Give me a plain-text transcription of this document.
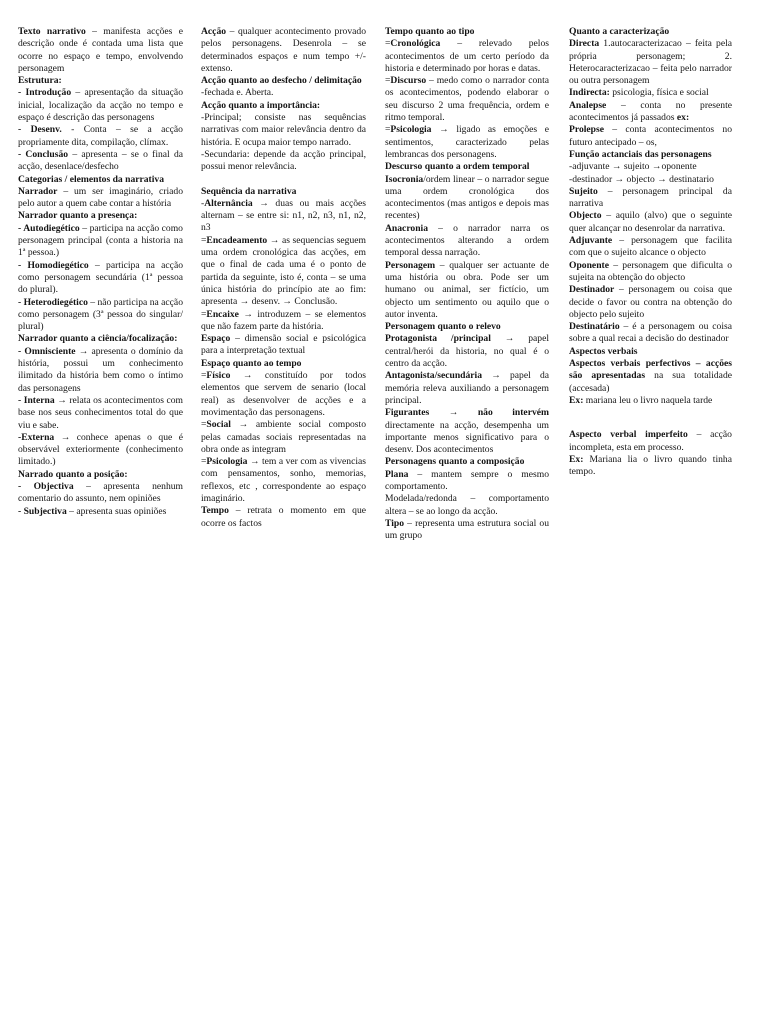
Texto narrativo – manifesta acções e descrição onde é contada uma lista que ocorre no espaço e tempo, envolvendo personagem

Estrutura:

- Introdução – apresentação da situação inicial, localização da acção no tempo e espaço é descrição das personagens

- Desenv. - Conta – se a acção propriamente dita, compilação, clímax.

- Conclusão – apresenta – se o final da acção, desenlace/desfecho

Categorias / elementos da narrativa

Narrador – um ser imaginário, criado pelo autor a quem cabe contar a história

Narrador quanto a presença:

- Autodiegético – participa na acção como personagem principal (conta a historia na 1ª pessoa.)

- Homodiegético – participa na acção como personagem secundária (1ª pessoa do plural).

- Heterodiegético – não participa na acção como personagem (3ª pessoa do singular/ plural)

Narrador quanto a ciência/focalização:

- Omnisciente → apresenta o domínio da história, possui um conhecimento ilimitado da história bem como o íntimo das personagens

- Interna → relata os acontecimentos com base nos seus conhecimentos total do que viu e sabe.

-Externa → conhece apenas o que é observável exteriormente (conhecimento limitado.)

Narrado quanto a posição:

- Objectiva – apresenta nenhum comentario do assunto, nem opiniões

- Subjectiva – apresenta suas opiniões

Acção – qualquer acontecimento provado pelos personagens. Desenrola – se determinados espaços e num tempo +/- extenso.

Acção quanto ao desfecho / delimitação

-fechada e. Aberta.

Acção quanto a importância:

-Principal; consiste nas sequências narrativas com maior relevância dentro da história. E ocupa maior tempo narrado.

-Secundaria: depende da acção principal, possui menor relevância.

Sequência da narrativa

-Alternância → duas ou mais acções alternam – se entre si: n1, n2, n3, n1, n2, n3

=Encadeamento → as sequencias seguem uma ordem cronológica das acções, em que o final de cada uma é o ponto de partida da seguinte, isto é, conta – se uma única história do princípio ate ao fim: apresenta → desenv. → Conclusão.

=Encaixe → introduzem – se elementos que não fazem parte da história.

Espaço – dimensão social e psicológica para a interpretação textual

Espaço quanto ao tempo

=Físico → constituído por todos elementos que servem de senario (local real) as desenvolver de acções e a movimentação das personagens.

=Social → ambiente social composto pelas camadas sociais representadas na obra onde as integram

=Psicologia → tem a ver com as vivencias com pensamentos, sonho, memorias, reflexos, etc , correspondente ao espaço imaginário.

Tempo – retrata o momento em que ocorre os factos

Tempo quanto ao tipo

=Cronológica – relevado pelos acontecimentos de um certo período da historia e determinado por horas e datas.

=Discurso – medo como o narrador conta os acontecimentos, podendo elaborar o seu discurso 2 uma frequência, ordem e ritmo temporal.

=Psicologia → ligado as emoções e sentimentos, caracterizado pelas lembrancas dos personagens.

Descurso quanto a ordem temporal

Isocronia/ordem linear – o narrador segue uma ordem cronológica dos acontecimentos (mas antigos e depois mas recentes)

Anacronia – o narrador narra os acontecimentos alterando a ordem temporal dessa narração.

Personagem – qualquer ser actuante de uma história ou obra. Pode ser um humano ou animal, ser fictício, um objecto um sentimento ou aquilo que o autor inventa.

Personagem quanto o relevo

Protagonista /principal → papel central/herói da historia, no qual é o centro da acção.

Antagonista/secundária → papel da memória releva auxiliando a personagem principal.

Figurantes → não intervém directamente na acção, desempenha um importante menos significativo para o desenv. Dos acontecimentos

Personagens quanto a composição

Plana – mantem sempre o mesmo comportamento.

Modelada/redonda – comportamento altera – se ao longo da acção.

Tipo – representa uma estrutura social ou um grupo

Quanto a caracterização

Directa 1.autocaracterizacao – feita pela própria personagem; 2. Heterocaracterizacao – feita pelo narrador ou outra personagem

Indirecta: psicologia, física e social

Analepse – conta no presente acontecimentos já passados ex:

Prolepse – conta acontecimentos no futuro antecipado – os,

Função actanciais das personagens

-adjuvante → sujeito →oponente

-destinador → objecto → destinatario

Sujeito – personagem principal da narrativa

Objecto – aquilo (alvo) que o seguinte quer alcançar no desenrolar da narrativa.

Adjuvante – personagem que facilita com que o sujeito alcance o objecto

Oponente – personagem que dificulta o sujeita na obtenção do objecto

Destinador – personagem ou coisa que decide o favor ou contra na obtenção do objecto pelo sujeito

Destinatário – é a personagem ou coisa sobre a qual recai a decisão do destinador

Aspectos verbais

Aspectos verbais perfectivos – acções são apresentadas na sua totalidade (accesada)

Ex: mariana leu o livro naquela tarde

Aspecto verbal imperfeito – acção incompleta, esta em processo.

Ex: Mariana lia o livro quando tinha tempo.
